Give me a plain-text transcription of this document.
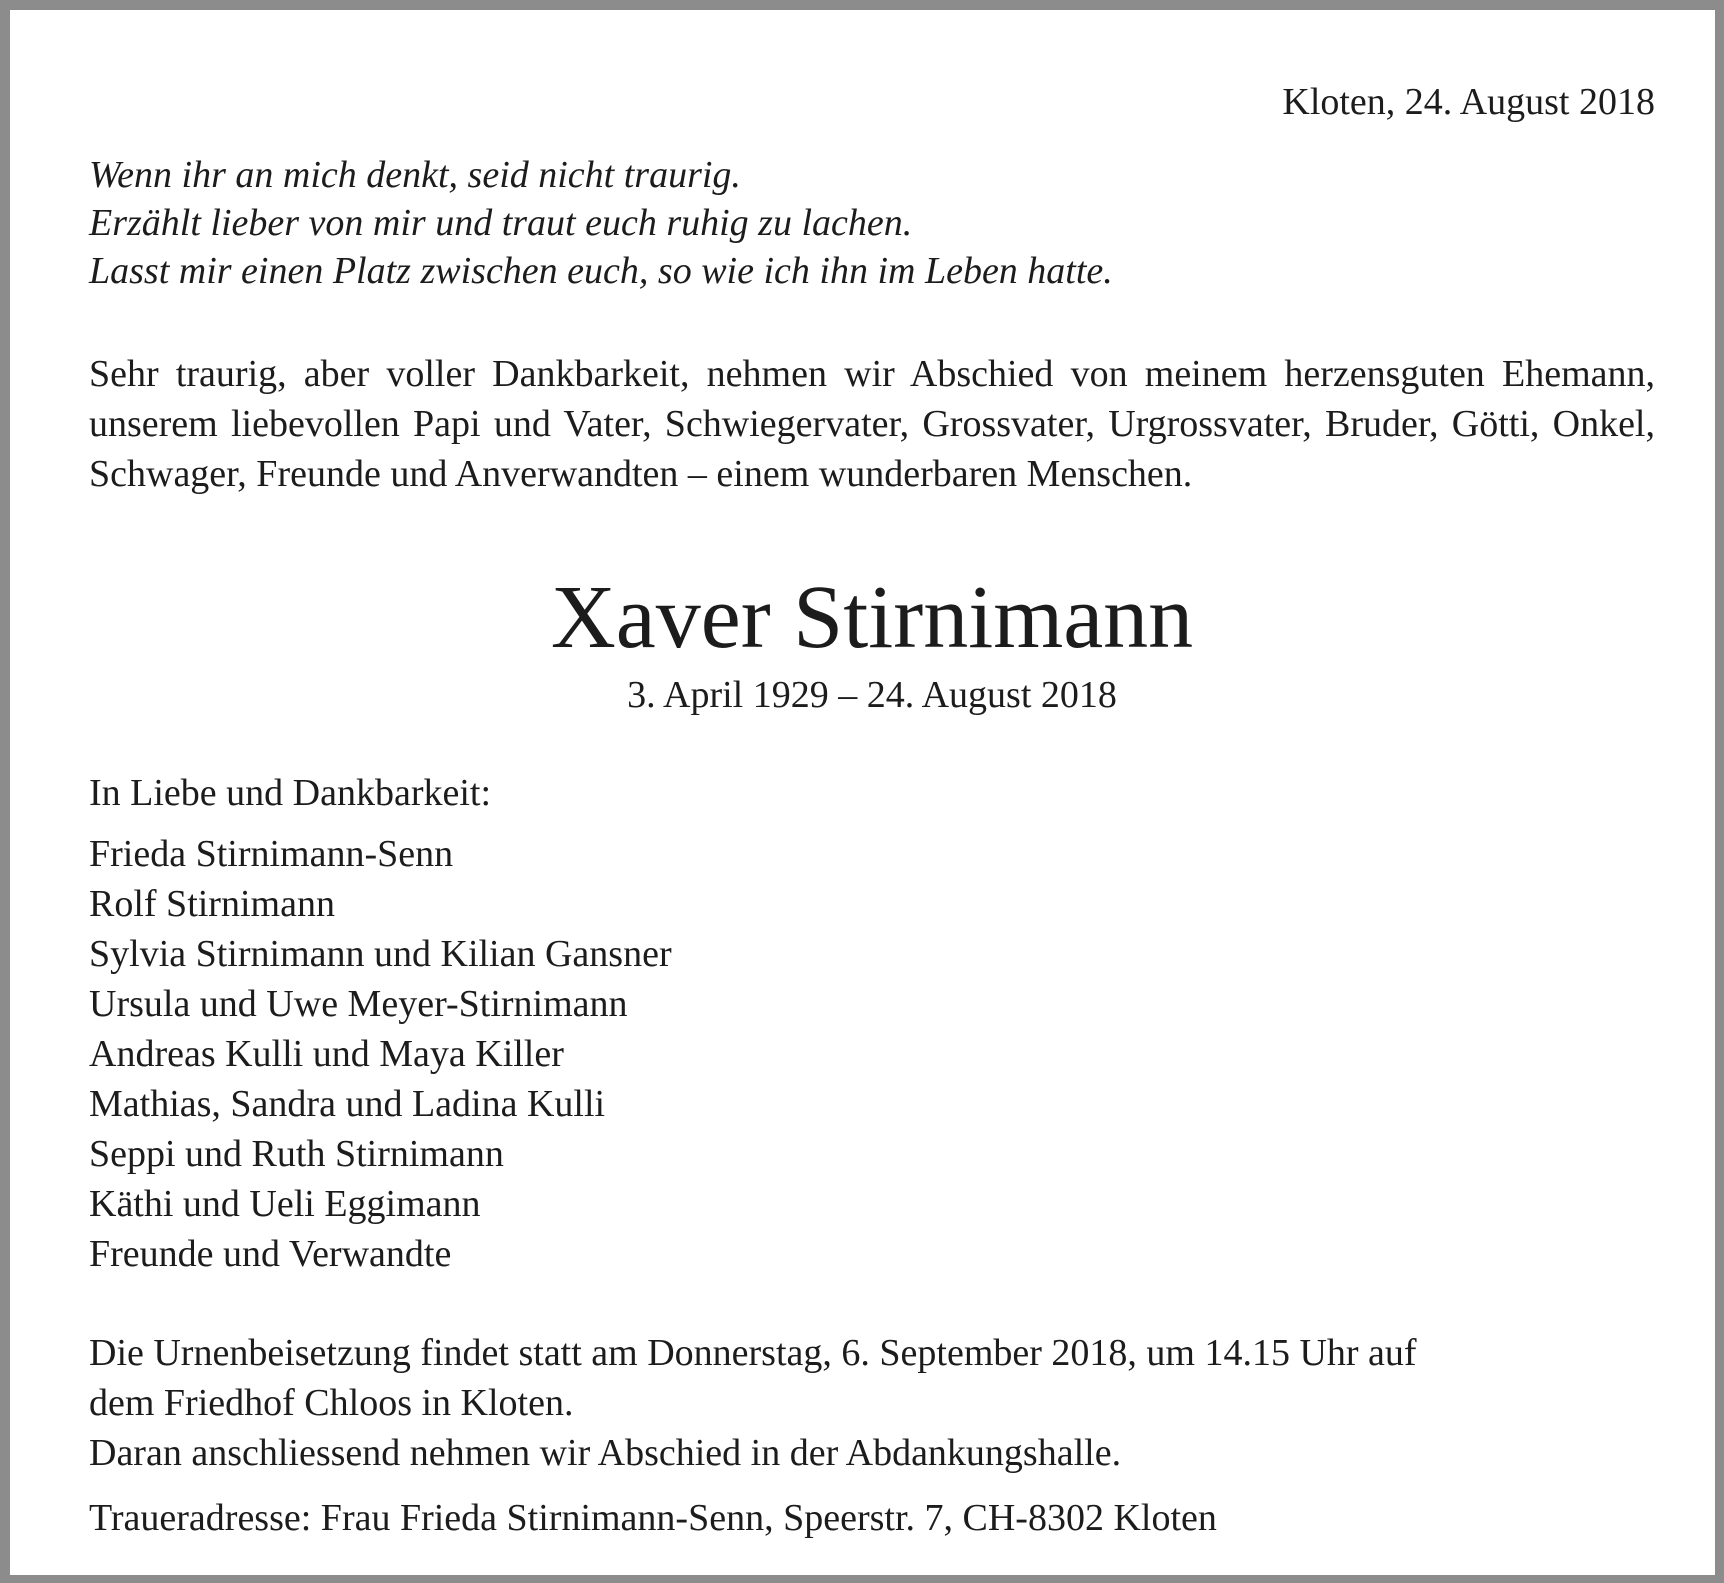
Kloten, 24. August 2018
Wenn ihr an mich denkt, seid nicht traurig.
Erzählt lieber von mir und traut euch ruhig zu lachen.
Lasst mir einen Platz zwischen euch, so wie ich ihn im Leben hatte.
Sehr traurig, aber voller Dankbarkeit, nehmen wir Abschied von meinem herzensguten Ehemann, unserem liebevollen Papi und Vater, Schwiegervater, Grossvater, Urgrossvater, Bruder, Götti, Onkel, Schwager, Freunde und Anverwandten – einem wunderbaren Menschen.
Xaver Stirnimann
3. April 1929 – 24. August 2018
In Liebe und Dankbarkeit:
Frieda Stirnimann-Senn
Rolf Stirnimann
Sylvia Stirnimann und Kilian Gansner
Ursula und Uwe Meyer-Stirnimann
Andreas Kulli und Maya Killer
Mathias, Sandra und Ladina Kulli
Seppi und Ruth Stirnimann
Käthi und Ueli Eggimann
Freunde und Verwandte
Die Urnenbeisetzung findet statt am Donnerstag, 6. September 2018, um 14.15 Uhr auf
dem Friedhof Chloos in Kloten.
Daran anschliessend nehmen wir Abschied in der Abdankungshalle.
Traueradresse: Frau Frieda Stirnimann-Senn, Speerstr. 7, CH-8302 Kloten
